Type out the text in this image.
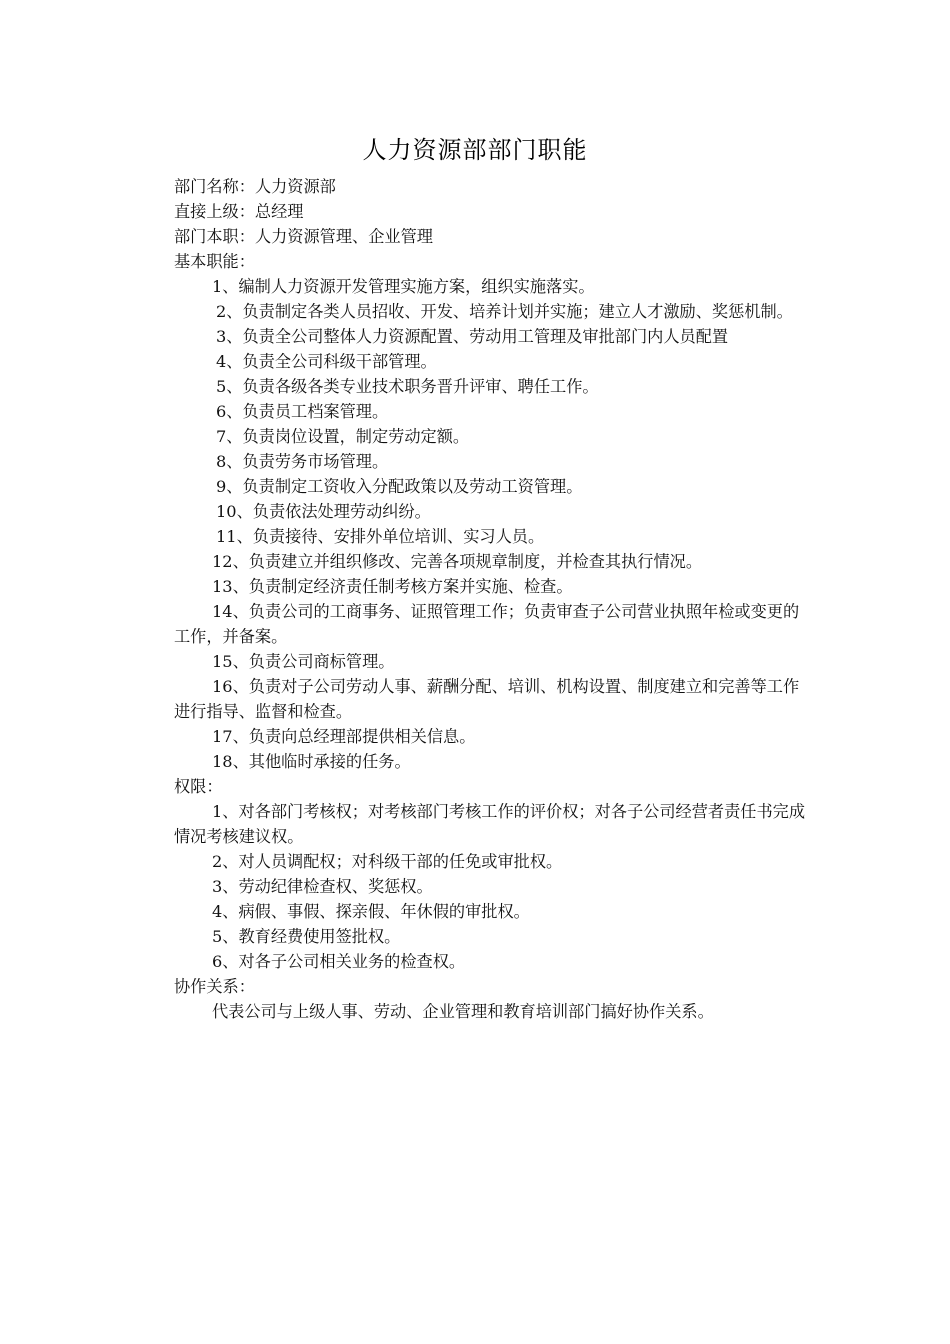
人力资源部部门职能

部门名称：人力资源部

直接上级：总经理

部门本职：人力资源管理、企业管理

基本职能：

1、编制人力资源开发管理实施方案，组织实施落实。

2、负责制定各类人员招收、开发、培养计划并实施；建立人才激励、奖惩机制。

3、负责全公司整体人力资源配置、劳动用工管理及审批部门内人员配置

4、负责全公司科级干部管理。

5、负责各级各类专业技术职务晋升评审、聘任工作。

6、负责员工档案管理。

7、负责岗位设置，制定劳动定额。

8、负责劳务市场管理。

9、负责制定工资收入分配政策以及劳动工资管理。

10、负责依法处理劳动纠纷。

11、负责接待、安排外单位培训、实习人员。

12、负责建立并组织修改、完善各项规章制度，并检查其执行情况。

13、负责制定经济责任制考核方案并实施、检查。

14、负责公司的工商事务、证照管理工作；负责审查子公司营业执照年检或变更的工作，并备案。

15、负责公司商标管理。

16、负责对子公司劳动人事、薪酬分配、培训、机构设置、制度建立和完善等工作进行指导、监督和检查。

17、负责向总经理部提供相关信息。

18、其他临时承接的任务。

权限：

1、对各部门考核权；对考核部门考核工作的评价权；对各子公司经营者责任书完成情况考核建议权。

2、对人员调配权；对科级干部的任免或审批权。

3、劳动纪律检查权、奖惩权。

4、病假、事假、探亲假、年休假的审批权。

5、教育经费使用签批权。

6、对各子公司相关业务的检查权。

协作关系：

代表公司与上级人事、劳动、企业管理和教育培训部门搞好协作关系。
